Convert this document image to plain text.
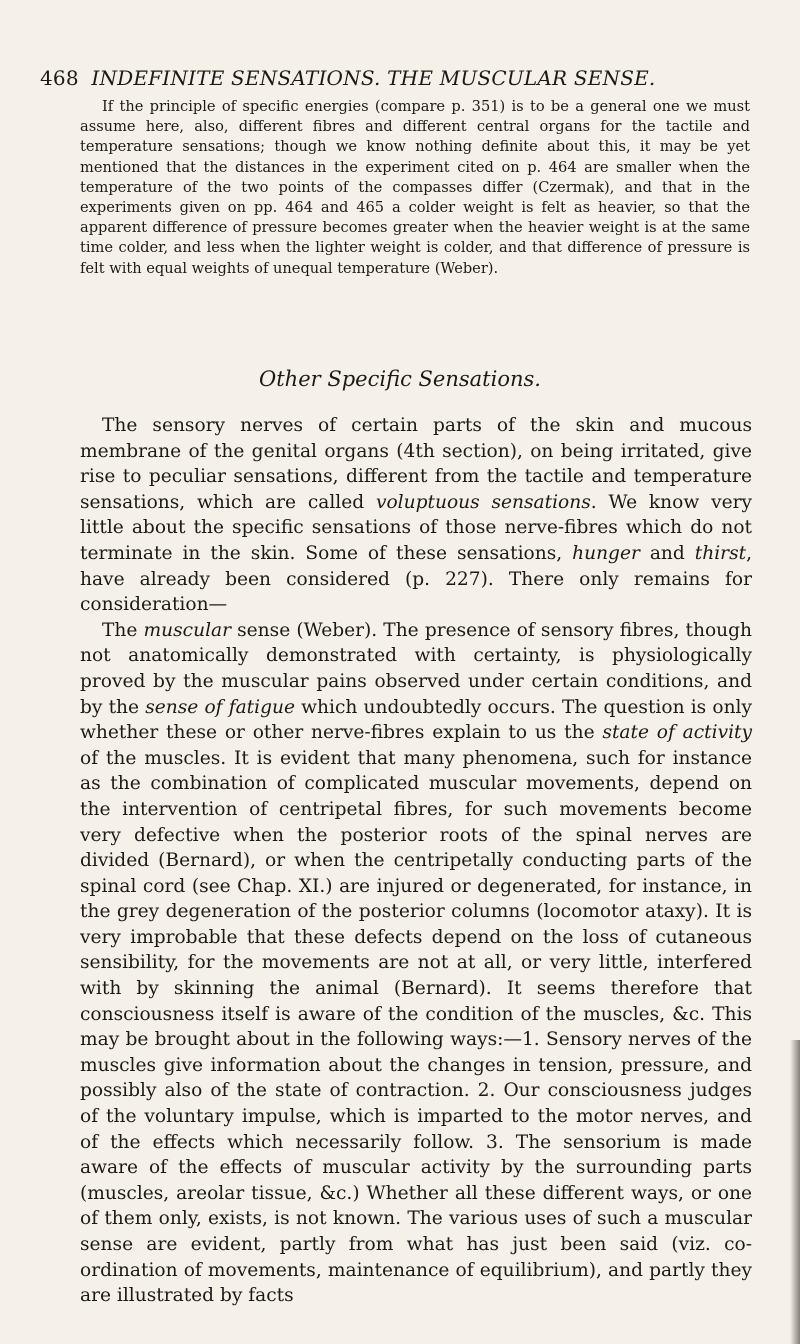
468 INDEFINITE SENSATIONS. THE MUSCULAR SENSE.

If the principle of specific energies (compare p. 351) is to be a general one we must assume here, also, different fibres and different central organs for the tactile and temperature sensations; though we know nothing definite about this, it may be yet mentioned that the distances in the experiment cited on p. 464 are smaller when the temperature of the two points of the compasses differ (Czermak), and that in the experiments given on pp. 464 and 465 a colder weight is felt as heavier, so that the apparent difference of pressure becomes greater when the heavier weight is at the same time colder, and less when the lighter weight is colder, and that difference of pressure is felt with equal weights of unequal temperature (Weber).

Other Specific Sensations.

The sensory nerves of certain parts of the skin and mucous membrane of the genital organs (4th section), on being irritated, give rise to peculiar sensations, different from the tactile and temperature sensations, which are called voluptuous sensations. We know very little about the specific sensations of those nerve-fibres which do not terminate in the skin. Some of these sensations, hunger and thirst, have already been considered (p. 227). There only remains for consideration—

The muscular sense (Weber). The presence of sensory fibres, though not anatomically demonstrated with certainty, is physiologically proved by the muscular pains observed under certain conditions, and by the sense of fatigue which undoubtedly occurs. The question is only whether these or other nerve-fibres explain to us the state of activity of the muscles. It is evident that many phenomena, such for instance as the combination of complicated muscular movements, depend on the intervention of centripetal fibres, for such movements become very defective when the posterior roots of the spinal nerves are divided (Bernard), or when the centripetally conducting parts of the spinal cord (see Chap. XI.) are injured or degenerated, for instance, in the grey degeneration of the posterior columns (locomotor ataxy). It is very improbable that these defects depend on the loss of cutaneous sensibility, for the movements are not at all, or very little, interfered with by skinning the animal (Bernard). It seems therefore that consciousness itself is aware of the condition of the muscles, &c. This may be brought about in the following ways:—1. Sensory nerves of the muscles give information about the changes in tension, pressure, and possibly also of the state of contraction. 2. Our consciousness judges of the voluntary impulse, which is imparted to the motor nerves, and of the effects which necessarily follow. 3. The sensorium is made aware of the effects of muscular activity by the surrounding parts (muscles, areolar tissue, &c.) Whether all these different ways, or one of them only, exists, is not known. The various uses of such a muscular sense are evident, partly from what has just been said (viz. co-ordination of movements, maintenance of equilibrium), and partly they are illustrated by facts
